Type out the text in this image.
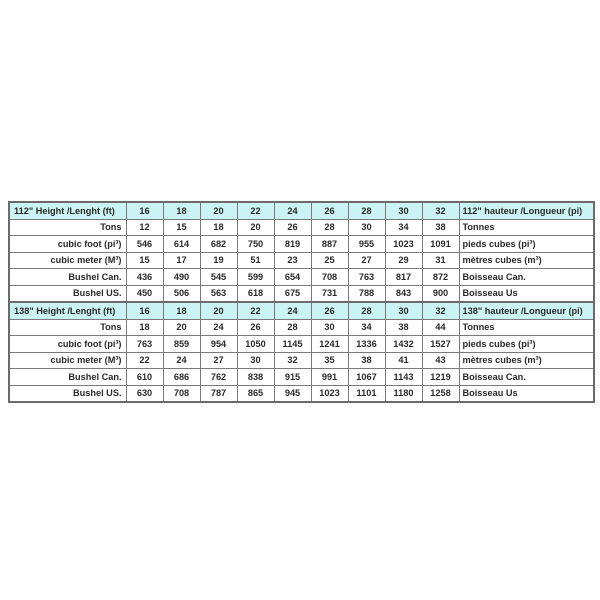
112" Height /Lenght (ft)	16	18	20	22	24	26	28	30	32	112" hauteur /Longueur (pi)
Tons	12	15	18	20	26	28	30	34	38	Tonnes
cubic foot (pi³)	546	614	682	750	819	887	955	1023	1091	pieds cubes (pi³)
cubic meter (M³)	15	17	19	51	23	25	27	29	31	mètres cubes (m³)
Bushel Can.	436	490	545	599	654	708	763	817	872	Boisseau Can.
Bushel US.	450	506	563	618	675	731	788	843	900	Boisseau Us
138" Height /Lenght (ft)	16	18	20	22	24	26	28	30	32	138" hauteur /Longueur (pi)
Tons	18	20	24	26	28	30	34	38	44	Tonnes
cubic foot (pi³)	763	859	954	1050	1145	1241	1336	1432	1527	pieds cubes (pi³)
cubic meter (M³)	22	24	27	30	32	35	38	41	43	mètres cubes (m³)
Bushel Can.	610	686	762	838	915	991	1067	1143	1219	Boisseau Can.
Bushel US.	630	708	787	865	945	1023	1101	1180	1258	Boisseau Us
